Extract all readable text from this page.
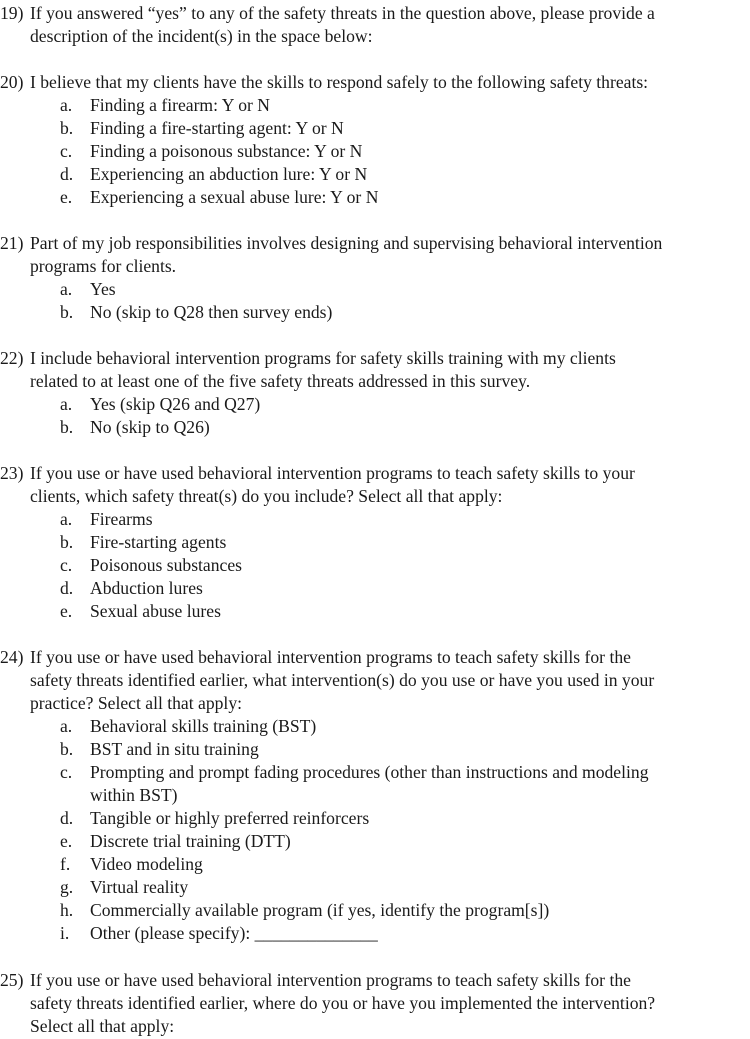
19) If you answered “yes” to any of the safety threats in the question above, please provide a
description of the incident(s) in the space below:
20) I believe that my clients have the skills to respond safely to the following safety threats:
a.	Finding a firearm: Y or N
b. Finding a fire-starting agent: Y or N
c.	Finding a poisonous substance: Y or N
d. Experiencing an abduction lure: Y or N
e.	Experiencing a sexual abuse lure: Y or N
21) Part of my job responsibilities involves designing and supervising behavioral intervention
programs for clients.
a.	Yes
b. No (skip to Q28 then survey ends)
22) I include behavioral intervention programs for safety skills training with my clients
related to at least one of the five safety threats addressed in this survey.
a.	Yes (skip Q26 and Q27)
b. No (skip to Q26)
23) If you use or have used behavioral intervention programs to teach safety skills to your
clients, which safety threat(s) do you include? Select all that apply:
a.	Firearms
b. Fire-starting agents
c.	Poisonous substances
d. Abduction lures
e.	Sexual abuse lures
24) If you use or have used behavioral intervention programs to teach safety skills for the
safety threats identified earlier, what intervention(s) do you use or have you used in your
practice? Select all that apply:
a.	Behavioral skills training (BST)
b. BST and in situ training
c.	Prompting and prompt fading procedures (other than instructions and modeling
within BST)
d. Tangible or highly preferred reinforcers
e.	Discrete trial training (DTT)
f.	Video modeling
g. Virtual reality
h. Commercially available program (if yes, identify the program[s])
i.	Other (please specify): ______________
25) If you use or have used behavioral intervention programs to teach safety skills for the
safety threats identified earlier, where do you or have you implemented the intervention?
Select all that apply:
